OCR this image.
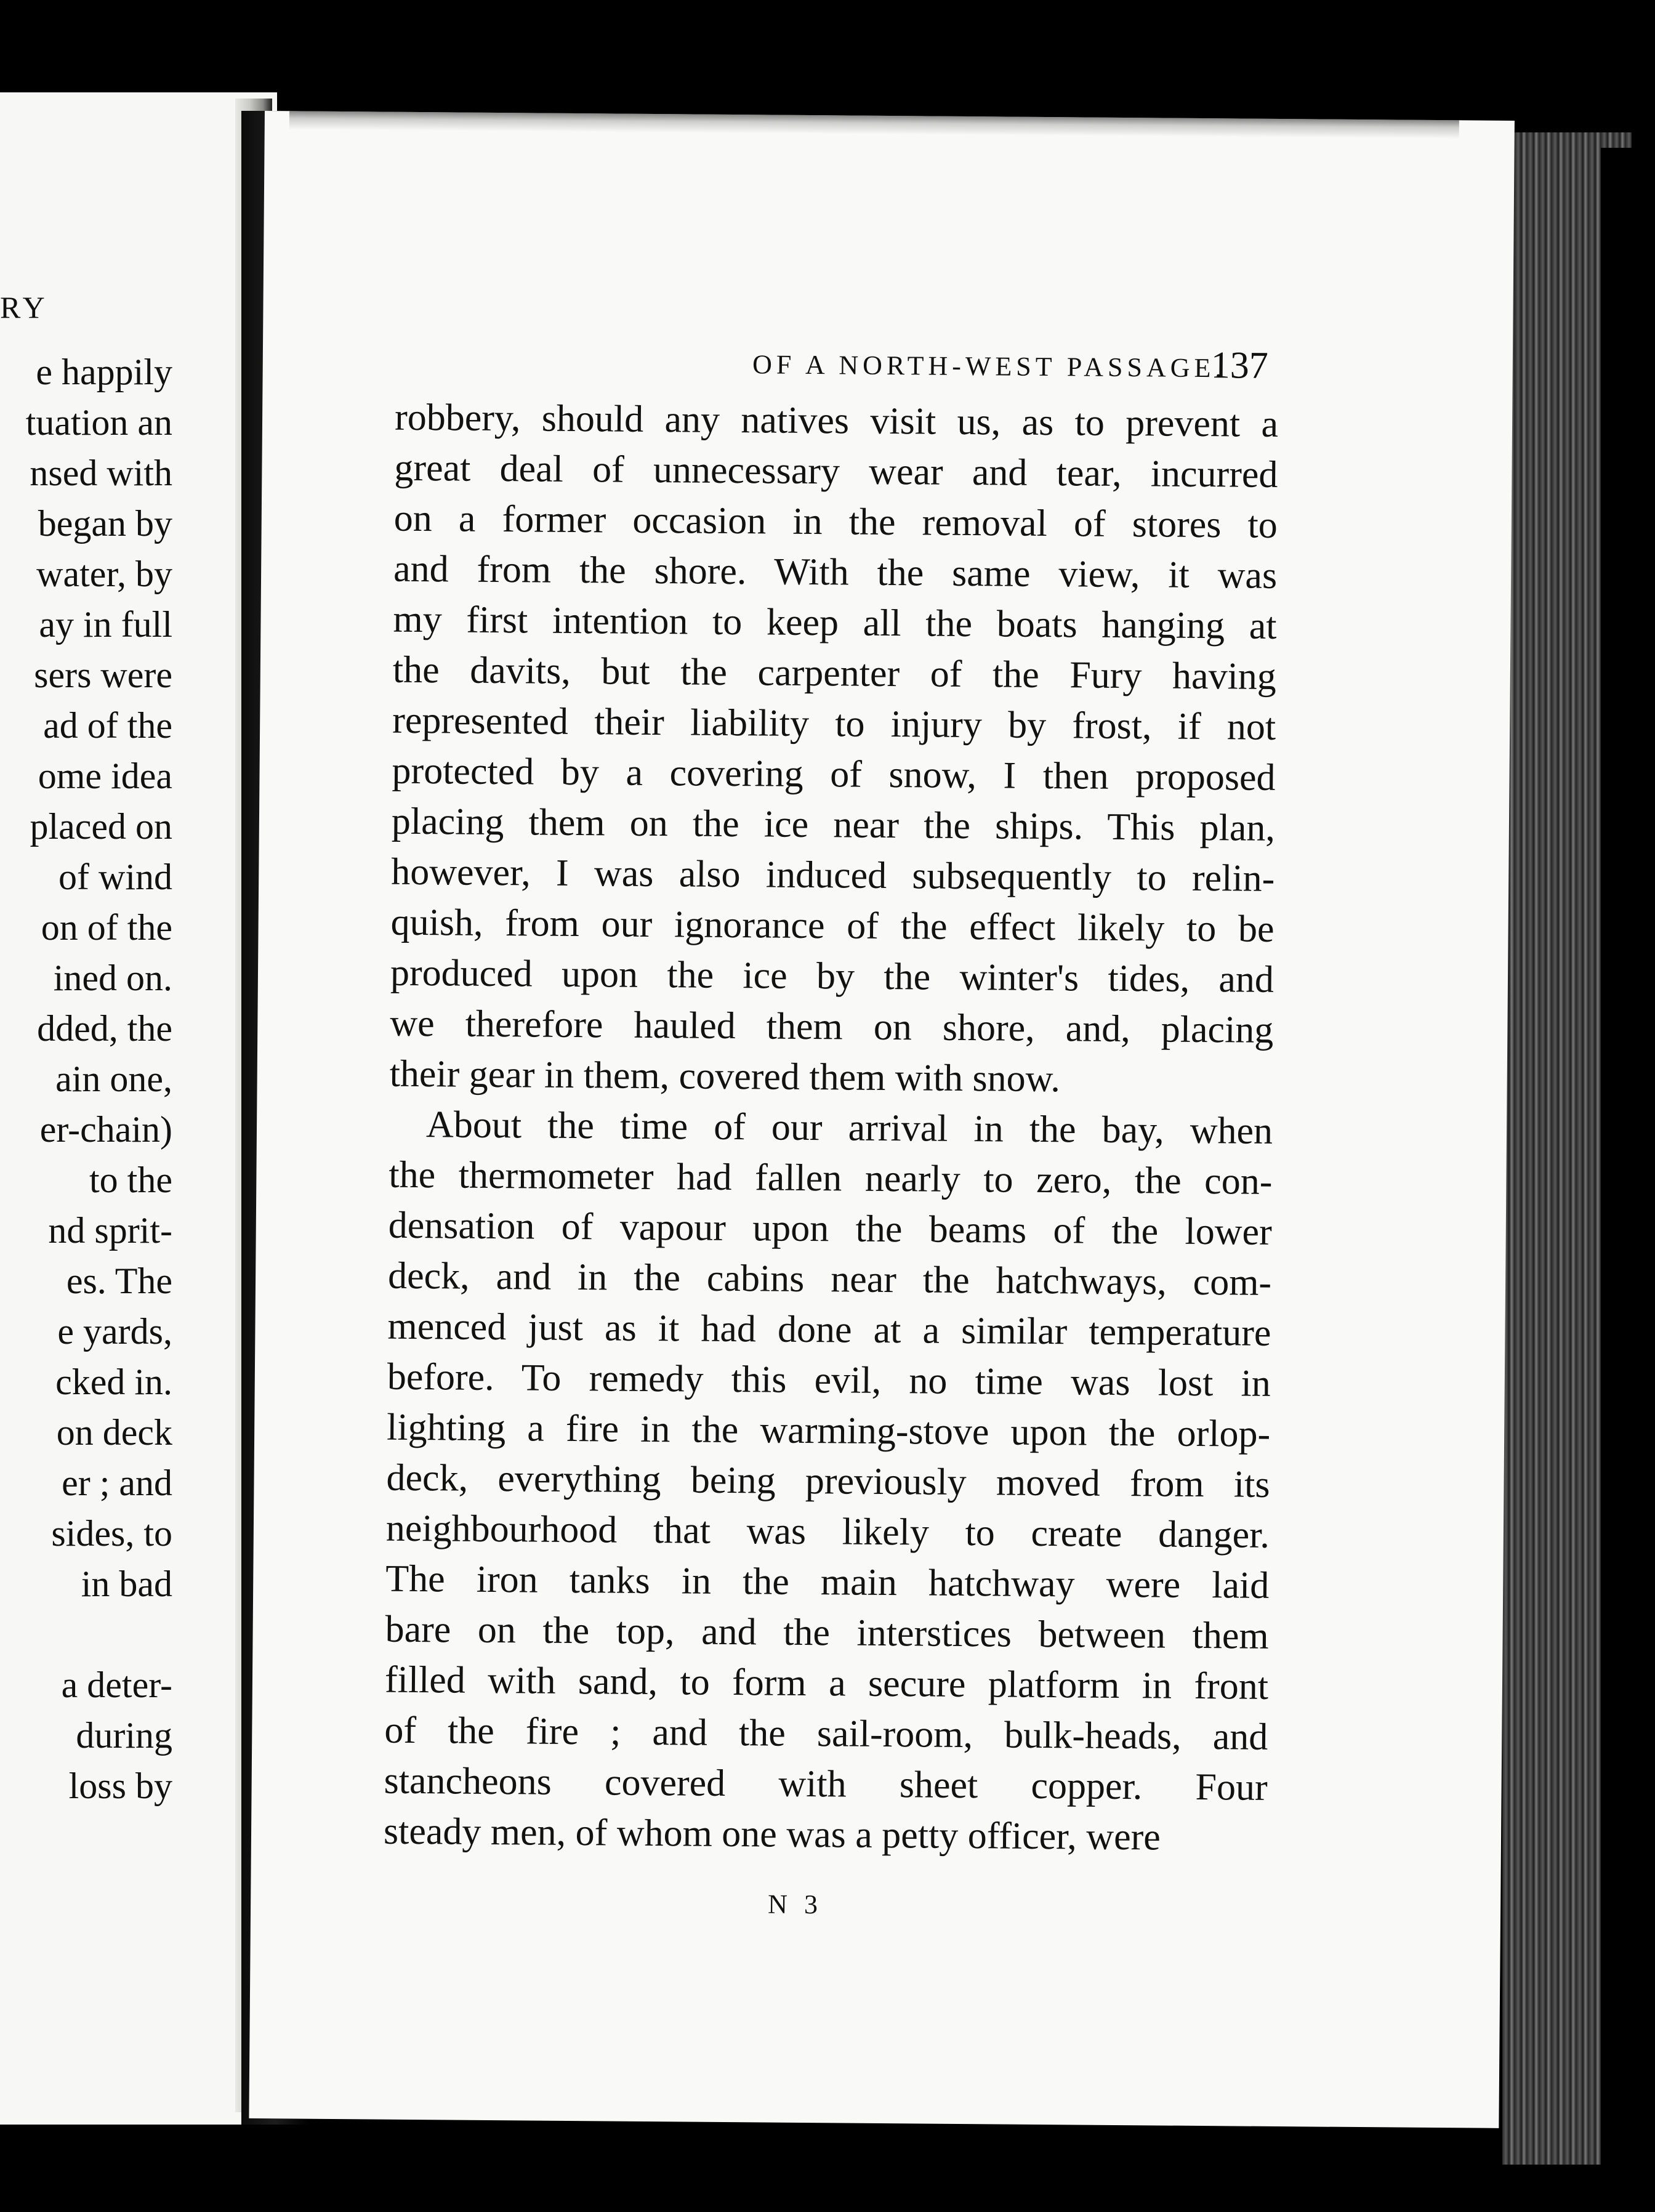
RY
e happily
tuation an
nsed with
began by
water, by
ay in full
sers were
ad of the
ome idea
placed on
of wind
on of the
ined on.
dded, the
ain one,
er-chain)
to the
nd sprit-
es. The
e yards,
cked in.
on deck
er ; and
sides, to
in bad
a deter-
during
loss by
OF A NORTH-WEST PASSAGE.
137
robbery, should any natives visit us, as to prevent a
great deal of unnecessary wear and tear, incurred
on a former occasion in the removal of stores to
and from the shore. With the same view, it was
my first intention to keep all the boats hanging at
the davits, but the carpenter of the Fury having
represented their liability to injury by frost, if not
protected by a covering of snow, I then proposed
placing them on the ice near the ships. This plan,
however, I was also induced subsequently to relin-
quish, from our ignorance of the effect likely to be
produced upon the ice by the winter's tides, and
we therefore hauled them on shore, and, placing
their gear in them, covered them with snow.
About the time of our arrival in the bay, when
the thermometer had fallen nearly to zero, the con-
densation of vapour upon the beams of the lower
deck, and in the cabins near the hatchways, com-
menced just as it had done at a similar temperature
before. To remedy this evil, no time was lost in
lighting a fire in the warming-stove upon the orlop-
deck, everything being previously moved from its
neighbourhood that was likely to create danger.
The iron tanks in the main hatchway were laid
bare on the top, and the interstices between them
filled with sand, to form a secure platform in front
of the fire ; and the sail-room, bulk-heads, and
stancheons covered with sheet copper. Four
steady men, of whom one was a petty officer, were
N 3
